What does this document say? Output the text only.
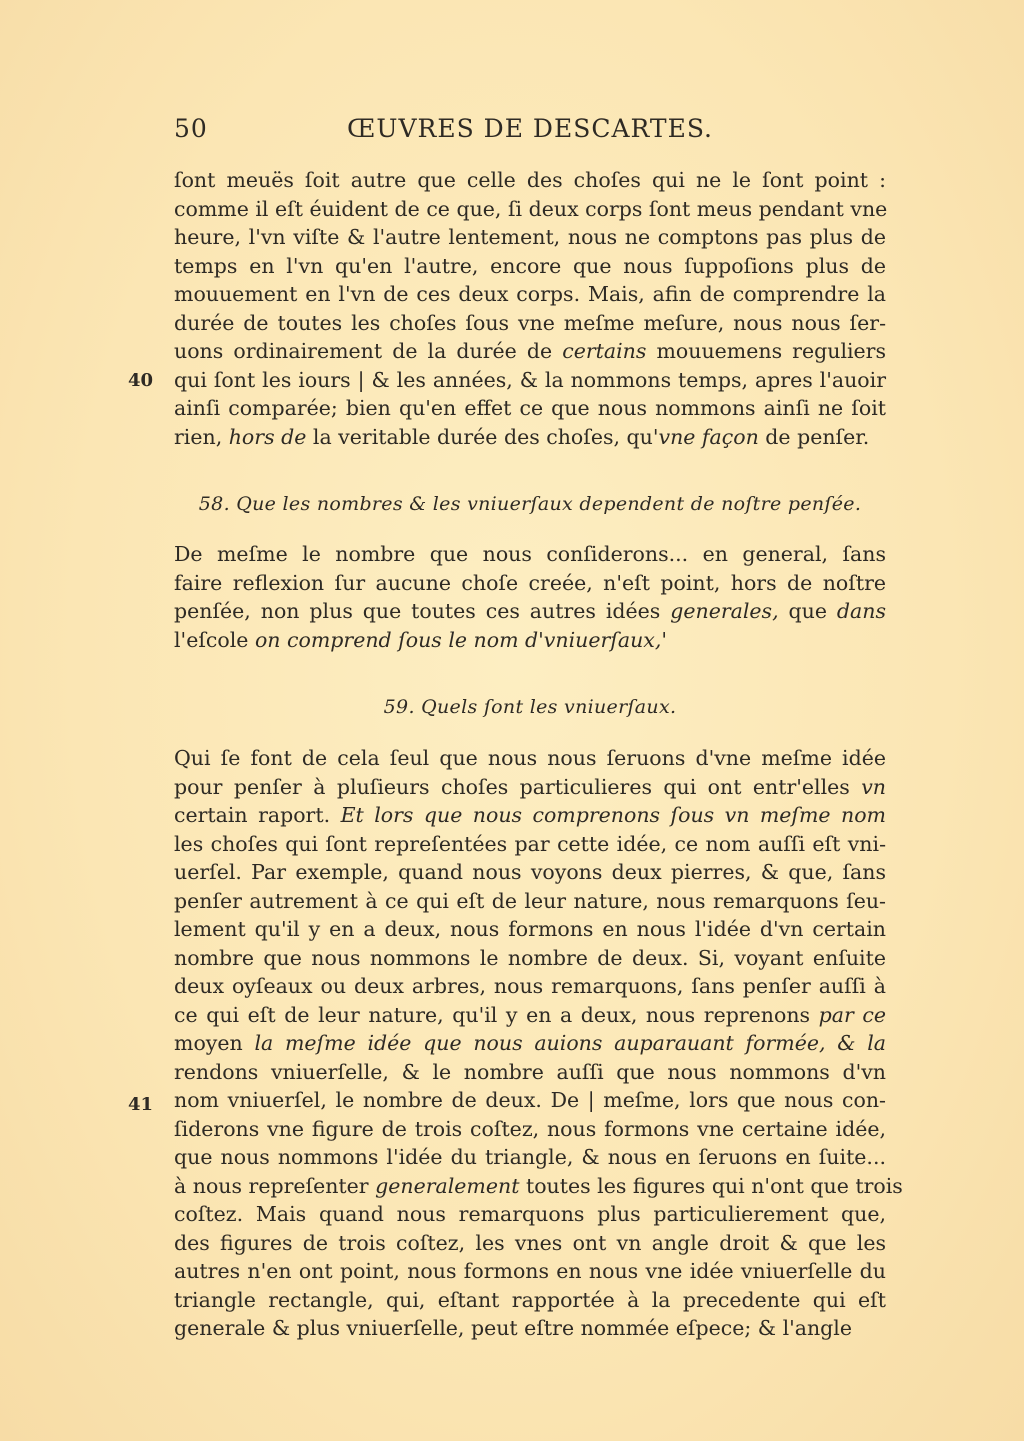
50	ŒUVRES DE DESCARTES.
ſont meuës ſoit autre que celle des choſes qui ne le ſont point :
comme il eſt éuident de ce que, ſi deux corps ſont meus pendant vne
heure, l'vn viſte & l'autre lentement, nous ne comptons pas plus de
temps en l'vn qu'en l'autre, encore que nous ſuppoſions plus de
mouuement en l'vn de ces deux corps. Mais, afin de comprendre la
durée de toutes les choſes ſous vne meſme meſure, nous nous ſer-
uons ordinairement de la durée de certains mouuemens reguliers
qui ſont les iours | & les années, & la nommons temps, apres l'auoir
ainſi comparée; bien qu'en effet ce que nous nommons ainſi ne ſoit
rien, hors de la veritable durée des choſes, qu'vne façon de penſer.
De meſme le nombre que nous conſiderons... en general, ſans
faire reflexion ſur aucune choſe creée, n'eſt point, hors de noſtre
penſée, non plus que toutes ces autres idées generales, que dans
l'eſcole on comprend ſous le nom d'vniuerſaux,'
Qui ſe font de cela ſeul que nous nous ſeruons d'vne meſme idée
pour penſer à pluſieurs choſes particulieres qui ont entr'elles vn
certain raport. Et lors que nous comprenons ſous vn meſme nom
les choſes qui ſont repreſentées par cette idée, ce nom auſſi eſt vni-
uerſel. Par exemple, quand nous voyons deux pierres, & que, ſans
penſer autrement à ce qui eſt de leur nature, nous remarquons ſeu-
lement qu'il y en a deux, nous formons en nous l'idée d'vn certain
nombre que nous nommons le nombre de deux. Si, voyant enſuite
deux oyſeaux ou deux arbres, nous remarquons, ſans penſer auſſi à
ce qui eſt de leur nature, qu'il y en a deux, nous reprenons par ce
moyen la meſme idée que nous auions auparauant formée, & la
rendons vniuerſelle, & le nombre auſſi que nous nommons d'vn
nom vniuerſel, le nombre de deux. De | meſme, lors que nous con-
ſiderons vne figure de trois coſtez, nous formons vne certaine idée,
que nous nommons l'idée du triangle, & nous en ſeruons en ſuite...
à nous repreſenter generalement toutes les figures qui n'ont que trois
coſtez. Mais quand nous remarquons plus particulierement que,
des figures de trois coſtez, les vnes ont vn angle droit & que les
autres n'en ont point, nous formons en nous vne idée vniuerſelle du
triangle rectangle, qui, eſtant rapportée à la precedente qui eſt
generale & plus vniuerſelle, peut eſtre nommée eſpece; & l'angle
58. Que les nombres & les vniuerſaux dependent de noſtre penſée.
59. Quels ſont les vniuerſaux.
40
41
